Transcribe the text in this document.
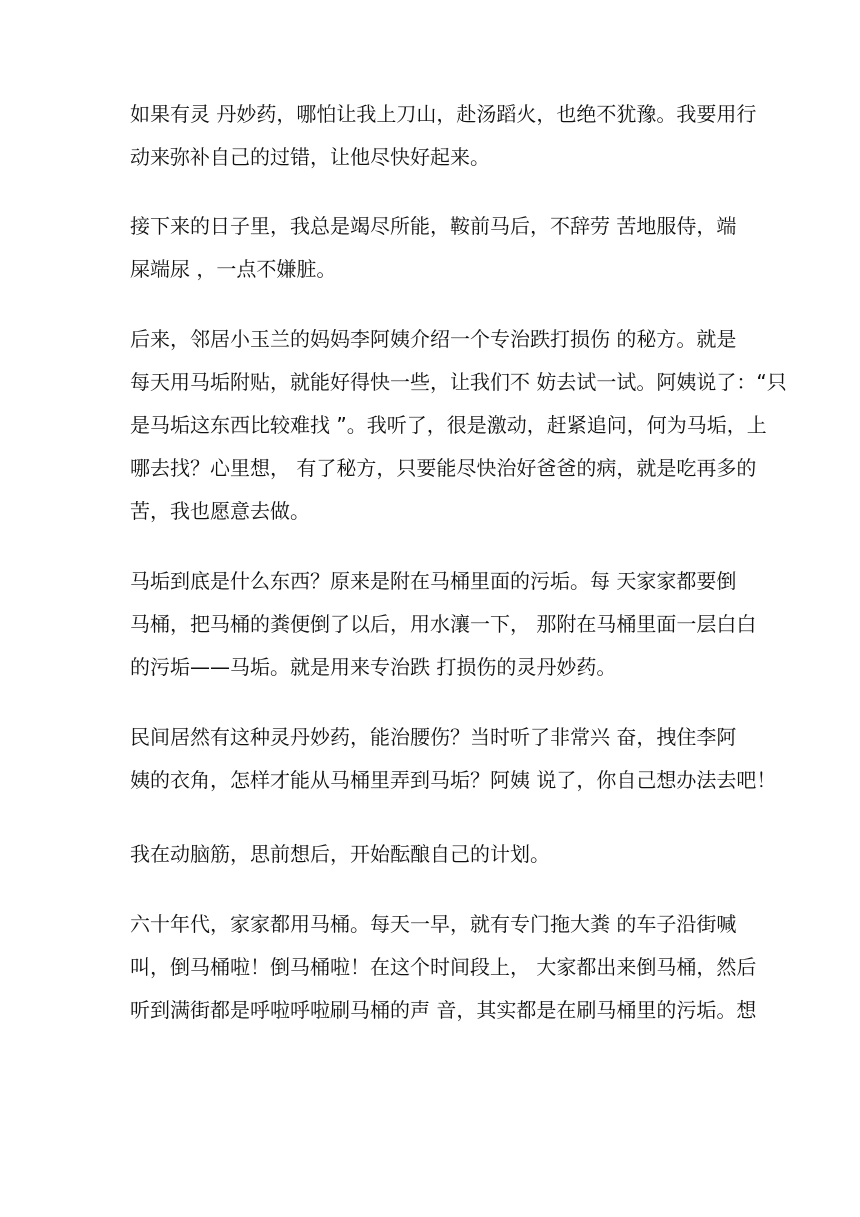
如果有灵 丹妙药，哪怕让我上刀山，赴汤蹈火，也绝不犹豫。我要用行
动来弥补自己的过错，让他尽快好起来。
接下来的日子里，我总是竭尽所能，鞍前马后，不辞劳 苦地服侍，端
屎端尿 ，一点不嫌脏。
后来，邻居小玉兰的妈妈李阿姨介绍一个专治跌打损伤 的秘方。就是
每天用马垢附贴，就能好得快一些，让我们不 妨去试一试。阿姨说了：“只
是马垢这东西比较难找 ”。我听了，很是激动，赶紧追问，何为马垢，上
哪去找？心里想， 有了秘方，只要能尽快治好爸爸的病，就是吃再多的
苦，我也愿意去做。
马垢到底是什么东西？原来是附在马桶里面的污垢。每 天家家都要倒
马桶，把马桶的粪便倒了以后，用水瀼一下， 那附在马桶里面一层白白
的污垢——马垢。就是用来专治跌 打损伤的灵丹妙药。
民间居然有这种灵丹妙药，能治腰伤？当时听了非常兴 奋，拽住李阿
姨的衣角，怎样才能从马桶里弄到马垢？阿姨 说了，你自己想办法去吧！
我在动脑筋，思前想后，开始酝酿自己的计划。
六十年代，家家都用马桶。每天一早，就有专门拖大粪 的车子沿街喊
叫，倒马桶啦！倒马桶啦！在这个时间段上， 大家都出来倒马桶，然后
听到满街都是呼啦呼啦刷马桶的声 音，其实都是在刷马桶里的污垢。想
